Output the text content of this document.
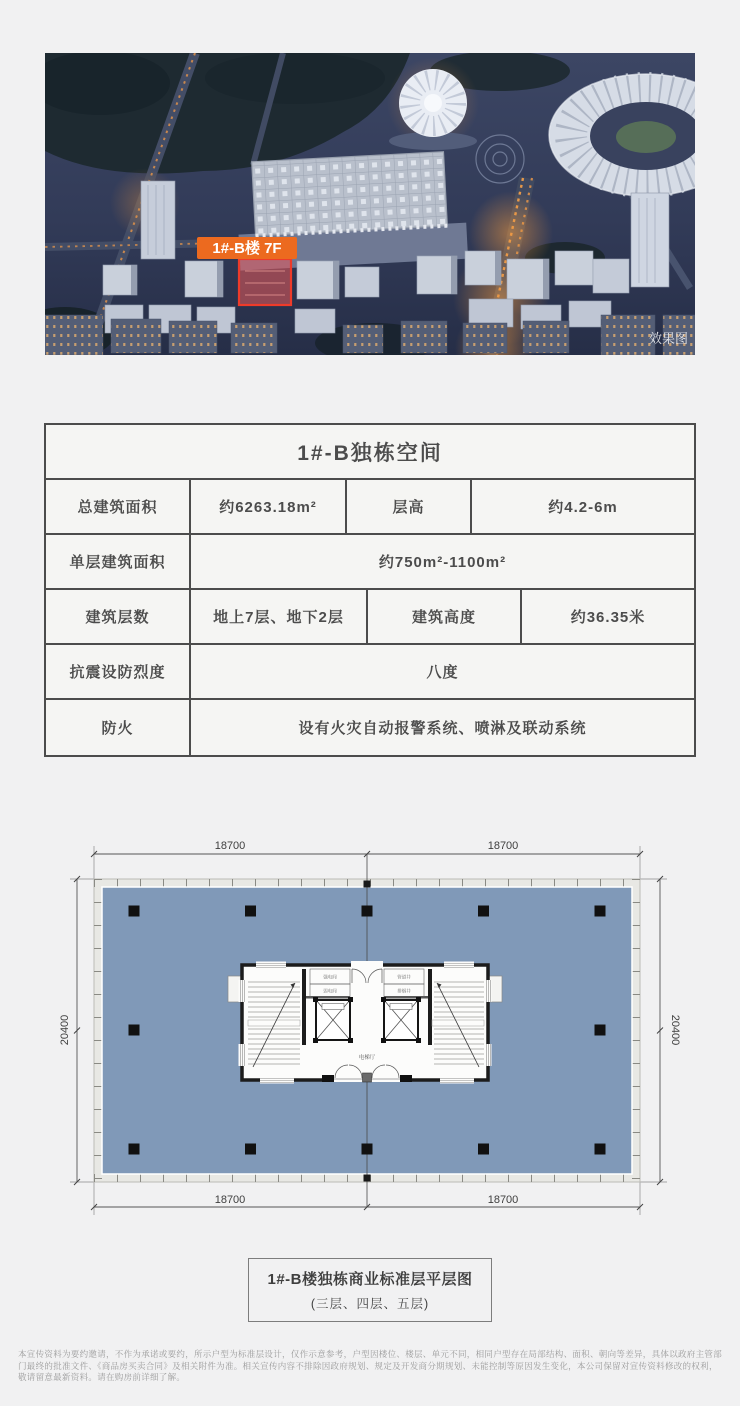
1#-B楼 7F
效果图
1#-B独栋空间
总建筑面积	约6263.18m²	层高	约4.2-6m
单层建筑面积	约750m²-1100m²
建筑层数	地上7层、地下2层	建筑高度	约36.35米
抗震设防烈度	八度
防火	设有火灾自动报警系统、喷淋及联动系统
18700	18700
18700	18700
20400	20400
强电间
弱电间
管道井
排烟井
电梯厅
1#-B楼独栋商业标准层平层图
(三层、四层、五层)
本宣传资料为要约邀请，不作为承诺或要约，所示户型为标准层设计，仅作示意参考，户型因楼位、楼层、单元不同，相同户型存在局部结构、面积、朝向等差异，具体以政府主管部门最终的批准文件、《商品房买卖合同》及相关附件为准。相关宣传内容不排除因政府规划、规定及开发商分期规划、未能控制等原因发生变化，本公司保留对宣传资料修改的权利，敬请留意最新资料。请在购房前详细了解。
